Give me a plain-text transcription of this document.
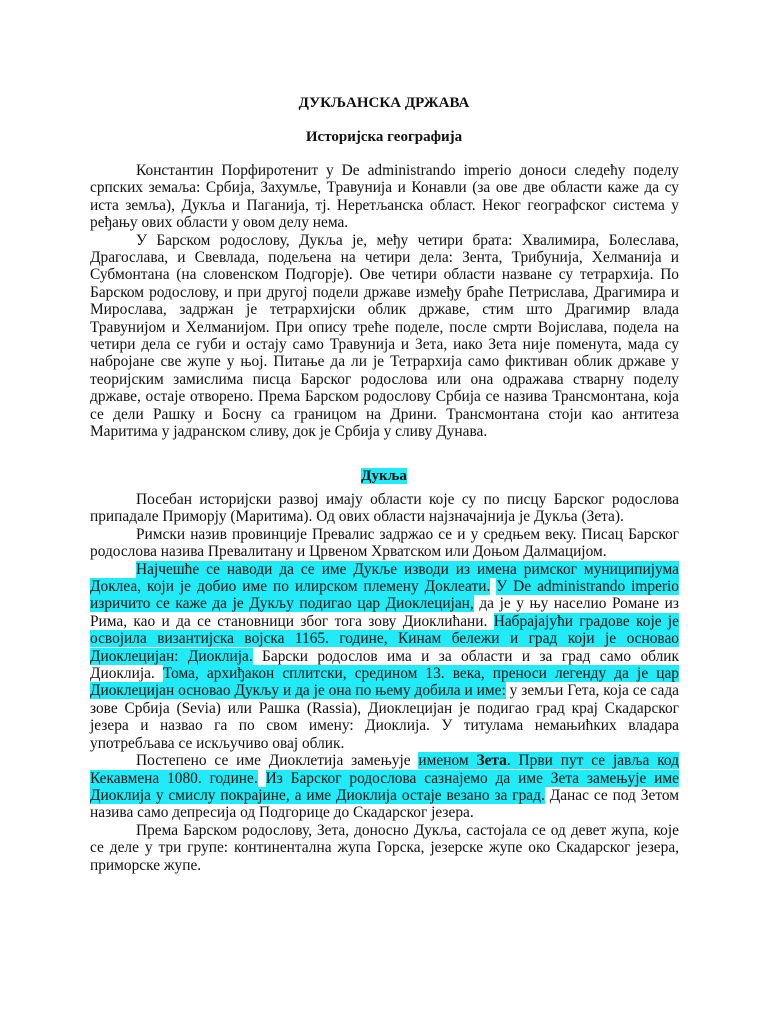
ДУКЉАНСКА ДРЖАВА
Историјска географија

Константин Порфиротенит у De administrando imperio доноси следећу поделу српских земаља: Србија, Захумље, Травунија и Конавли (за ове две области каже да су иста земља), Дукља и Паганија, тј. Неретљанска област. Неког географског система у рeђању ових области у овом делу нема.

У Барском родослову, Дукља је, међу четири брата: Хвалимира, Болеслава, Драгослава, и Свевлада, подељена на четири дела: Зента, Трибунија, Хелманија и Субмонтана (на словенском Подгорје). Ове четири области назване су тетрархија. По Барском родослову, и при другој подели државе између браће Петрислава, Драгимира и Мирослава, задржан је тетрархијски облик државе, стим што Драгимир влада Травунијом и Хелманијом. При опису треће поделе, после смрти Војислава, подела на четири дела се губи и остају само Травунија и Зета, иако Зета није поменута, мада су набројане све жупе у њој. Питање да ли је Тетрархија само фиктиван облик државе у теоријским замислима писца Барског родослова или она одражава стварну поделу државе, остаје отворено. Према Барском родослову Србија се назива Трансмонтана, која се дели Рашку и Босну са границом на Дрини. Трансмонтана стоји као антитеза Маритима у јадранском сливу, док је Србија у сливу Дунава.

Дукља

Посебан историјски развој имају области које су по писцу Барског родослова припадале Приморју (Маритима). Од ових области најзначајнија је Дукља (Зета).

Римски назив провинције Превалис задржао се и у средњем веку. Писац Барског родослова назива Превалитану и Црвеном Хрватском или Доњом Далмацијом.

Најчешће се наводи да се име Дукље изводи из имена римског муниципијума Доклеа, који је добио име по илирском племену Доклеати. У De administrando imperio изричито се каже да је Дукљу подигао цар Диоклецијан, да је у њу населио Романе из Рима, као и да се становници због тога зову Диоклићани. Набрајајући градове које је освојила византијска војска 1165. године, Кинам бележи и град који је основао Диоклецијан: Диоклија. Барски родослов има и за области и за град само облик Диоклија. Тома, архиђакон сплитски, средином 13. века, преноси легенду да је цар Диоклецијан основао Дукљу и да је она по њему добила и име: у земљи Гета, која се сада зове Србија (Sevia) или Рашка (Rassia), Диоклецијан је подигао град крај Скадарског језера и назвао га по свом имену: Диоклија. У титулама немањићких владара употребљава се искључиво овај облик.

Постепено се име Диоклетија замењује именом Зета. Први пут се јавља код Кекавмена 1080. године. Из Барског родослова сазнајемо да име Зета замењује име Диоклија у смислу покрајине, а име Диоклија остаје везано за град. Данас се под Зетом назива само депресија од Подгорице до Скадарског језера.

Према Барском родослову, Зета, доносно Дукља, састојала се од девет жупа, које се деле у три групе: континентална жупа Горска, језерске жупе око Скадарског језера, приморске жупе.
